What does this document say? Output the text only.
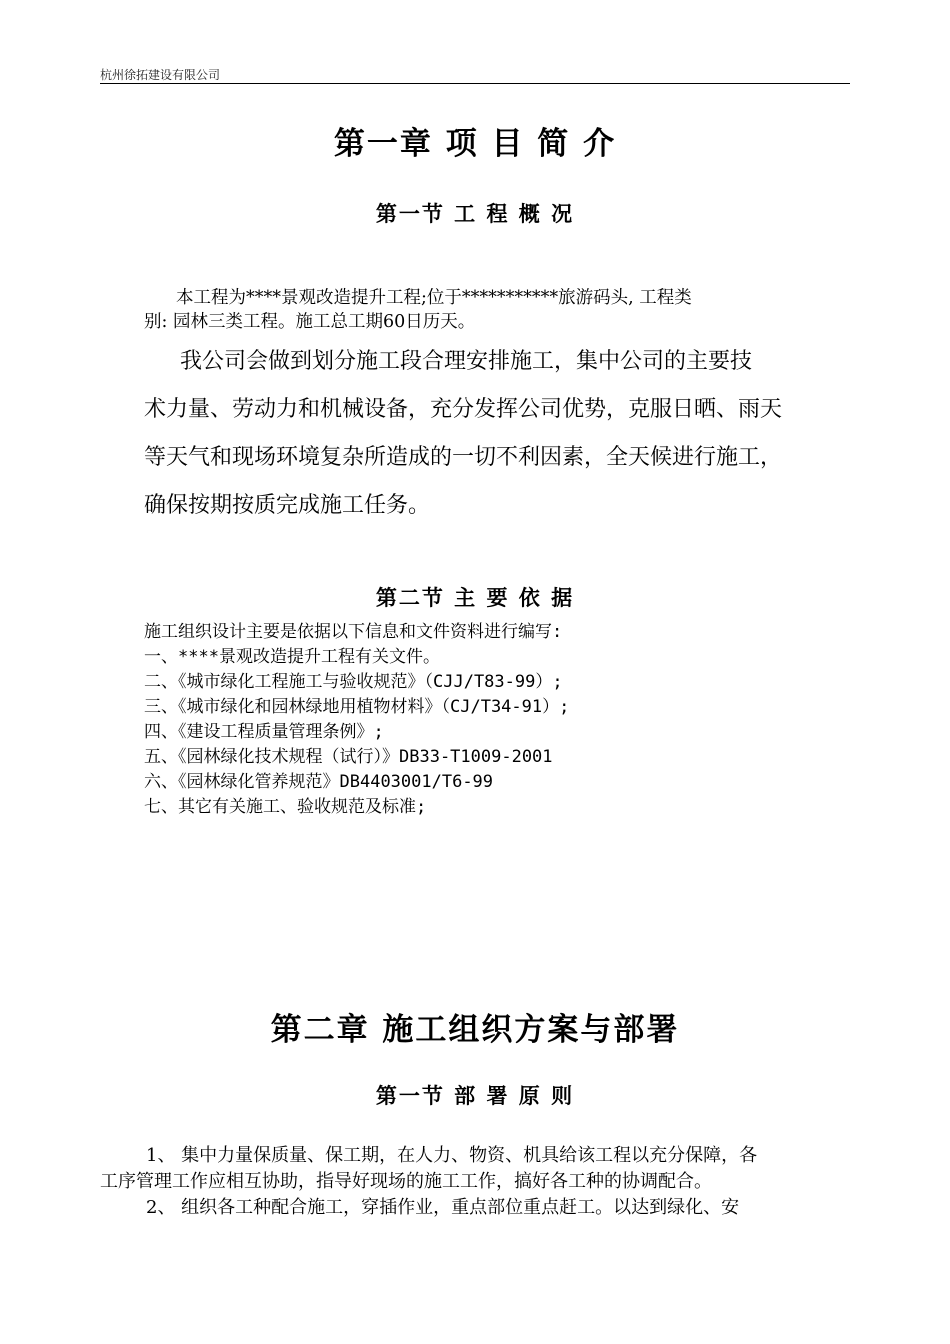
杭州徐拓建设有限公司
第一章 项 目 简 介
第一节 工 程 概 况
本工程为****景观改造提升工程;位于***********旅游码头, 工程类
别: 园林三类工程。施工总工期60日历天。
我公司会做到划分施工段合理安排施工，集中公司的主要技
术力量、劳动力和机械设备，充分发挥公司优势，克服日晒、雨天
等天气和现场环境复杂所造成的一切不利因素，全天候进行施工，
确保按期按质完成施工任务。
第二节 主 要 依 据
施工组织设计主要是依据以下信息和文件资料进行编写:
一、****景观改造提升工程有关文件。
二、《城市绿化工程施工与验收规范》（CJJ/T83-99）;
三、《城市绿化和园林绿地用植物材料》（CJ/T34-91）;
四、《建设工程质量管理条例》;
五、《园林绿化技术规程（试行）》DB33-T1009-2001
六、《园林绿化管养规范》DB4403001/T6-99
七、其它有关施工、验收规范及标准;
第二章 施工组织方案与部署
第一节 部 署 原 则
1、 集中力量保质量、保工期，在人力、物资、机具给该工程以充分保障，各
工序管理工作应相互协助，指导好现场的施工工作，搞好各工种的协调配合。
2、 组织各工种配合施工，穿插作业，重点部位重点赶工。以达到绿化、安
